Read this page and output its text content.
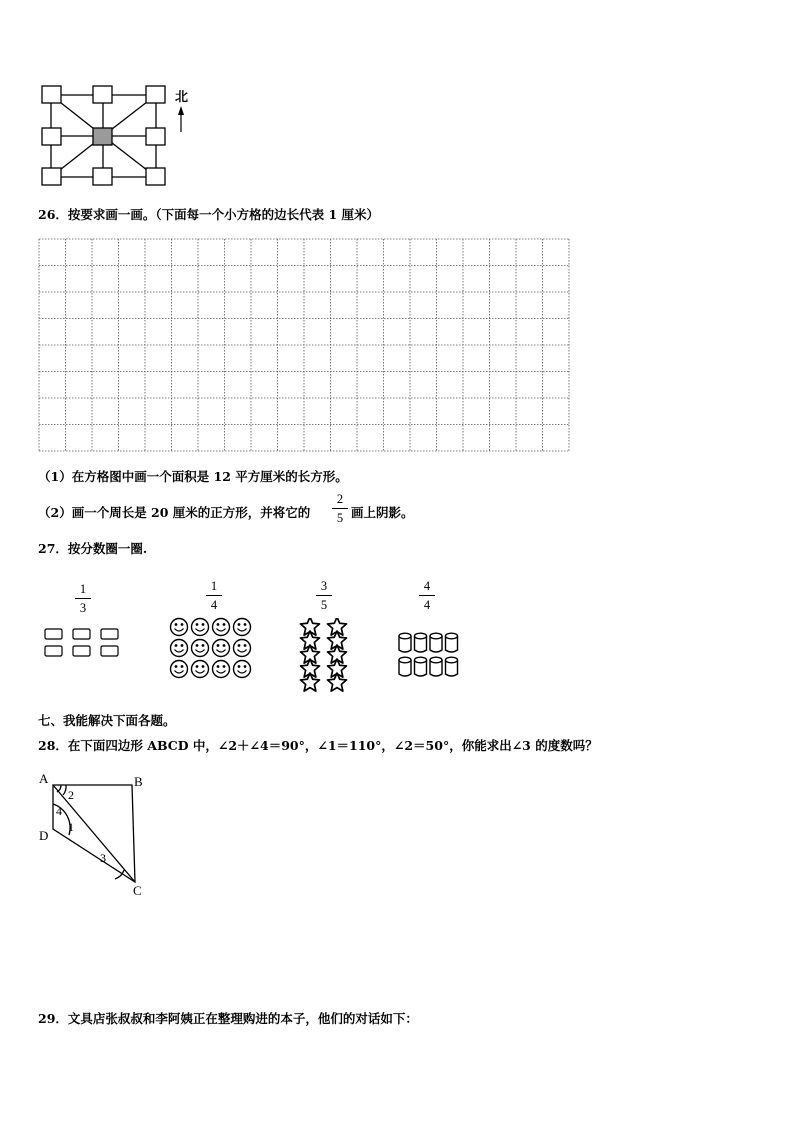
北
26．按要求画一画。（下面每一个小方格的边长代表 1 厘米）
（1）在方格图中画一个面积是 12 平方厘米的长方形。
（2）画一个周长是 20 厘米的正方形，并将它的
2
5 画上阴影。
27．按分数圈一圈.
1
3
1
4
3
5
4
4
七、我能解决下面各题。
28．在下面四边形 ABCD 中，∠2＋∠4＝90°，∠1＝110°，∠2＝50°，你能求出∠3 的度数吗？
A	B
C
D
2
4
1
3
29．文具店张叔叔和李阿姨正在整理购进的本子，他们的对话如下：
